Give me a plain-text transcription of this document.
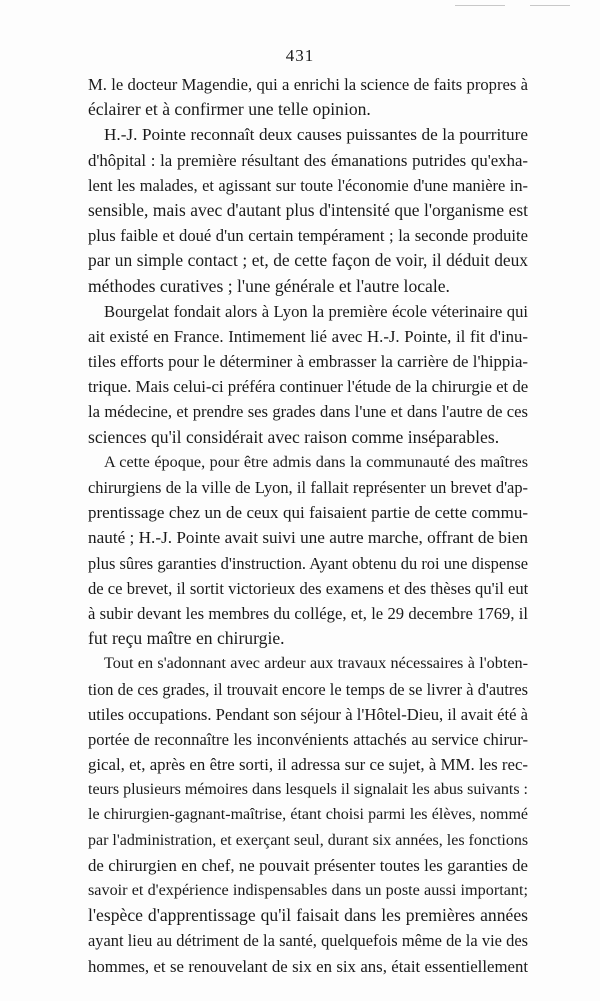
431
M. le docteur Magendie, qui a enrichi la science de faits propres à
éclairer et à confirmer une telle opinion.
H.-J. Pointe reconnaît deux causes puissantes de la pourriture
d'hôpital : la première résultant des émanations putrides qu'exha-
lent les malades, et agissant sur toute l'économie d'une manière in-
sensible, mais avec d'autant plus d'intensité que l'organisme est
plus faible et doué d'un certain tempérament ; la seconde produite
par un simple contact ; et, de cette façon de voir, il déduit deux
méthodes curatives ; l'une générale et l'autre locale.
Bourgelat fondait alors à Lyon la première école véterinaire qui
ait existé en France. Intimement lié avec H.-J. Pointe, il fit d'inu-
tiles efforts pour le déterminer à embrasser la carrière de l'hippia-
trique. Mais celui-ci préféra continuer l'étude de la chirurgie et de
la médecine, et prendre ses grades dans l'une et dans l'autre de ces
sciences qu'il considérait avec raison comme inséparables.
A cette époque, pour être admis dans la communauté des maîtres
chirurgiens de la ville de Lyon, il fallait représenter un brevet d'ap-
prentissage chez un de ceux qui faisaient partie de cette commu-
nauté ; H.-J. Pointe avait suivi une autre marche, offrant de bien
plus sûres garanties d'instruction. Ayant obtenu du roi une dispense
de ce brevet, il sortit victorieux des examens et des thèses qu'il eut
à subir devant les membres du collége, et, le 29 decembre 1769, il
fut reçu maître en chirurgie.
Tout en s'adonnant avec ardeur aux travaux nécessaires à l'obten-
tion de ces grades, il trouvait encore le temps de se livrer à d'autres
utiles occupations. Pendant son séjour à l'Hôtel-Dieu, il avait été à
portée de reconnaître les inconvénients attachés au service chirur-
gical, et, après en être sorti, il adressa sur ce sujet, à MM. les rec-
teurs plusieurs mémoires dans lesquels il signalait les abus suivants :
le chirurgien-gagnant-maîtrise, étant choisi parmi les élèves, nommé
par l'administration, et exerçant seul, durant six années, les fonctions
de chirurgien en chef, ne pouvait présenter toutes les garanties de
savoir et d'expérience indispensables dans un poste aussi important;
l'espèce d'apprentissage qu'il faisait dans les premières années
ayant lieu au détriment de la santé, quelquefois même de la vie des
hommes, et se renouvelant de six en six ans, était essentiellement
